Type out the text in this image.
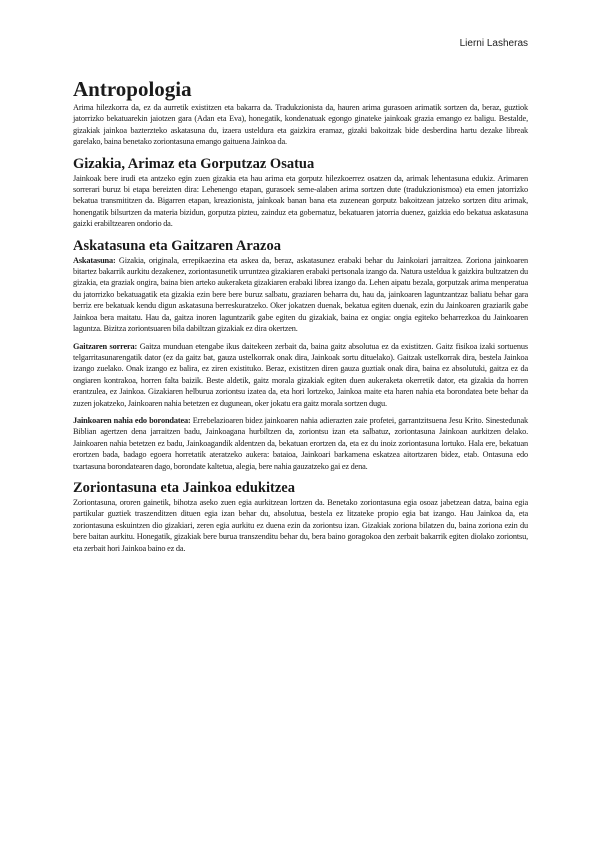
Lierni Lasheras
Antropologia

Arima hilezkorra da, ez da aurretik existitzen eta bakarra da. Tradukzionista da, hauren arima gurasoen arimatik sortzen da, beraz, guztiok jatorrizko bekatuarekin jaiotzen gara (Adan eta Eva), honegatik, kondenatuak egongo ginateke jainkoak grazia emango ez baligu. Bestalde, gizakiak jainkoa bazterzteko askatasuna du, izaera usteldura eta gaizkira eramaz, gizaki bakoitzak bide desberdina hartu dezake libreak garelako, baina benetako zoriontasuna emango gaituena Jainkoa da.

Gizakia, Arimaz eta Gorputzaz Osatua

Jainkoak bere irudi eta antzeko egin zuen gizakia eta hau arima eta gorputz hilezkoerrez osatzen da, arimak lehentasuna edukiz. Arimaren sorrerari buruz bi etapa bereizten dira: Lehenengo etapan, gurasoek seme-alaben arima sortzen dute (tradukzionismoa) eta emen jatorrizko bekatua transmititzen da. Bigarren etapan, kreazionista, jainkoak banan bana eta zuzenean gorputz bakoitzean jatzeko sortzen ditu arimak, honengatik bilsurtzen da materia bizidun, gorputza pizteu, zainduz eta gobernatuz, bekatuaren jatorria duenez, gaizkia edo bekatua askatasuna gaizki erabiltzearen ondorio da.

Askatasuna eta Gaitzaren Arazoa

Askatasuna: Gizakia, originala, errepikaezina eta askea da, beraz, askatasunez erabaki behar du Jainkoiari jarraitzea. Zoriona jainkoaren bitartez bakarrik aurkitu dezakenez, zoriontasunetik urruntzea gizakiaren erabaki pertsonala izango da. Natura usteldua k gaizkira bultzatzen du gizakia, eta graziak ongira, baina bien arteko aukeraketa gizakiaren erabaki librea izango da. Lehen aipatu bezala, gorputzak arima menperatua du jatorrizko bekatuagatik eta gizakia ezin bere bere buruz salbatu, graziaren beharra du, hau da, jainkoaren laguntzantzaz baliatu behar gara berriz ere bekatuak kendu digun askatasuna berreskuratzeko. Oker jokatzen duenak, bekatua egiten duenak, ezin du Jainkoaren graziarik gabe Jainkoa bera maitatu. Hau da, gaitza inoren laguntzarik gabe egiten du gizakiak, baina ez ongia: ongia egiteko beharrezkoa du Jainkoaren laguntza. Bizitza zoriontsuaren bila dabiltzan gizakiak ez dira okertzen.

Gaitzaren sorrera: Gaitza munduan etengabe ikus daitekeen zerbait da, baina gaitz absolutua ez da existitzen. Gaitz fisikoa izaki sortuenus telgarritasunarengatik dator (ez da gaitz bat, gauza ustelkorrak onak dira, Jainkoak sortu dituelako). Gaitzak ustelkorrak dira, bestela Jainkoa izango zuelako. Onak izango ez balira, ez ziren existituko. Beraz, existitzen diren gauza guztiak onak dira, baina ez absolutuki, gaitza ez da ongiaren kontrakoa, horren falta baizik. Beste aldetik, gaitz morala gizakiak egiten duen aukeraketa okerretik dator, eta gizakia da horren erantzulea, ez Jainkoa. Gizakiaren helburua zoriontsu izatea da, eta hori lortzeko, Jainkoa maite eta haren nahia eta borondatea bete behar da zuzen jokatzeko, Jainkoaren nahia betetzen ez dugunean, oker jokatu era gaitz morala sortzen dugu.

Jainkoaren nahia edo borondatea: Errebelazioaren bidez jainkoaren nahia adierazten zaie profetei, garrantzitsuena Jesu Krito. Sinestedunak Biblian agertzen dena jarraitzen badu, Jainkoagana hurbiltzen da, zoriontsu izan eta salbatuz, zoriontasuna Jainkoan aurkitzen delako. Jainkoaren nahia betetzen ez badu, Jainkoagandik aldentzen da, bekatuan erortzen da, eta ez du inoiz zoriontasuna lortuko. Hala ere, bekatuan erortzen bada, badago egoera horretatik ateratzeko aukera: bataioa, Jainkoari barkamena eskatzea aitortzaren bidez, etab. Ontasuna edo txartasuna borondatearen dago, borondate kaltetua, alegia, bere nahia gauzatzeko gai ez dena.

Zoriontasuna eta Jainkoa edukitzea

Zoriontasuna, ororen gainetik, bihotza aseko zuen egia aurkitzean lortzen da. Benetako zoriontasuna egia osoaz jabetzean datza, baina egia partikular guztiek traszenditzen dituen egia izan behar du, absolutua, bestela ez litzateke propio egia bat izango. Hau Jainkoa da, eta zoriontasuna eskuintzen dio gizakiari, zeren egia aurkitu ez duena ezin da zoriontsu izan. Gizakiak zoriona bilatzen du, baina zoriona ezin du bere baitan aurkitu. Honegatik, gizakiak bere burua transzenditu behar du, bera baino goragokoa den zerbait bakarrik egiten diolako zoriontsu, eta zerbait hori Jainkoa baino ez da.
